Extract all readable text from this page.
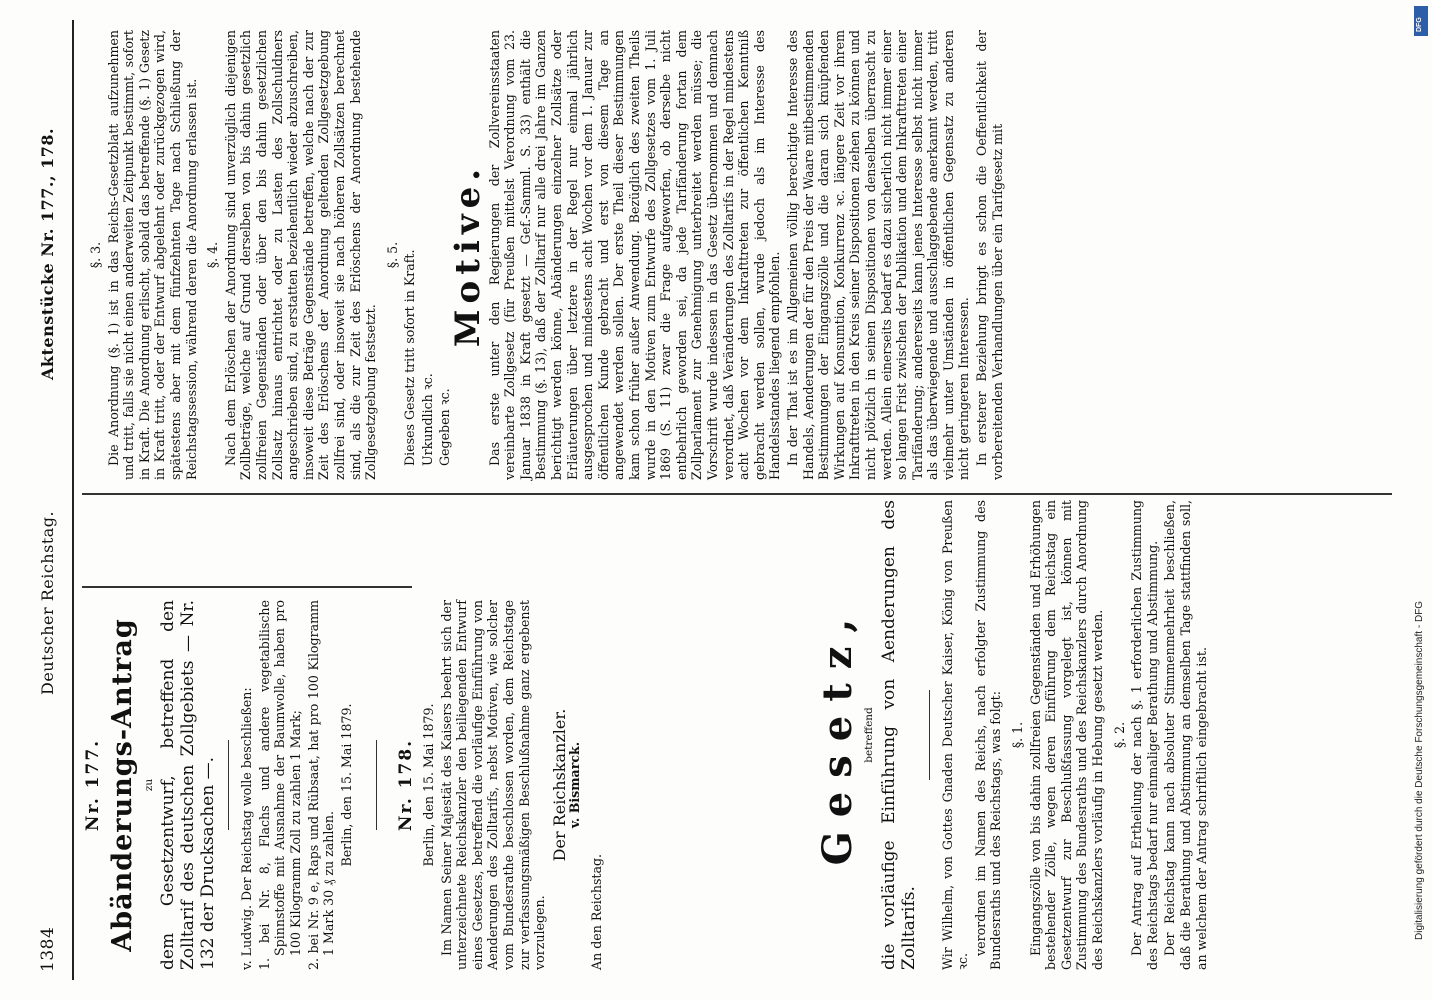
1384
Deutscher Reichstag.
Aktenstücke Nr. 177., 178.
Nr. 177. Abänderungs-Antrag zu dem Gesetzentwurf, betreffend den Zolltarif des deutschen Zollgebiets — Nr. 132 der Drucksachen —. v. Ludwig. Der Reichstag wolle beschließen: 1. bei Nr. 8, Flachs und andere vegetabilische Spinnstoffe mit Ausnahme der Baumwolle, haben pro 100 Kilogramm Zoll zu zahlen 1 Mark; 2. bei Nr. 9 e, Raps und Rübsaat, hat pro 100 Kilogramm 1 Mark 30 ₰ zu zahlen.

Berlin, den 15. Mai 1879.	Nr. 178. Berlin, den 15. Mai 1879. Im Namen Seiner Majestät des Kaisers beehrt sich der unterzeichnete Reichskanzler den beiliegenden Entwurf eines Gesetzes, betreffend die vorläufige Einführung von Aenderungen des Zolltarifs, nebst Motiven, wie solcher vom Bundesrathe beschlossen worden, dem Reichstage zur verfassungsmäßigen Beschlußnahme ganz ergebenst vorzulegen.

Der Reichskanzler.
v. Bismarck.

An den Reichstag.

§. 3. Die Anordnung (§. 1) ist in das Reichs-Gesetzblatt aufzunehmen und tritt, falls sie nicht einen anderweiten Zeitpunkt bestimmt, sofort in Kraft. Die Anordnung erlischt, sobald das betreffende (§. 1) Gesetz in Kraft tritt, oder der Entwurf abgelehnt oder zurückgezogen wird, spätestens aber mit dem fünfzehnten Tage nach Schließung der Reichstagssession, während deren die Anordnung erlassen ist. §. 4. Nach dem Erlöschen der Anordnung sind unverzüglich diejenigen Zollbeträge, welche auf Grund derselben von bis dahin gesetzlich zollfreien Gegenständen oder über den bis dahin gesetzlichen Zollsatz hinaus entrichtet oder zu Lasten des Zollschuldners angeschrieben sind, zu erstatten beziehentlich wieder abzuschreiben, insoweit diese Beträge Gegenstände betreffen, welche nach der zur Zeit des Erlöschens der Anordnung geltenden Zollgesetzgebung zollfrei sind, oder insoweit sie nach höheren Zollsätzen berechnet sind, als die zur Zeit des Erlöschens der Anordnung bestehende Zollgesetzgebung festsetzt.

§. 5. Dieses Gesetz tritt sofort in Kraft. Urkundlich ꝛc. Gegeben ꝛc.

Motive.

Das erste unter den Regierungen der Zollvereinsstaaten vereinbarte Zollgesetz (für Preußen mittelst Verordnung vom 23. Januar 1838 in Kraft gesetzt — Gef.-Samml. S. 33) enthält die Bestimmung (§. 13), daß der Zolltarif nur alle drei Jahre im Ganzen berichtigt werden könne, Abänderungen einzelner Zollsätze oder Erläuterungen über letztere in der Regel nur einmal jährlich ausgesprochen und mindestens acht Wochen vor dem 1. Januar zur öffentlichen Kunde gebracht und erst von diesem Tage an angewendet werden sollen. Der erste Theil dieser Bestimmungen kam schon früher außer Anwendung. Bezüglich des zweiten Theils wurde in den Motiven zum Entwurfe des Zollgesetzes vom 1. Juli 1869 (S. 11) zwar die Frage aufgeworfen, ob derselbe nicht entbehrlich geworden sei, da jede Tarifänderung fortan dem Zollparlament zur Genehmigung unterbreitet werden müsse; die Vorschrift wurde indessen in das Gesetz übernommen und demnach verordnet, daß Veränderungen des Zolltarifs in der Regel mindestens acht Wochen vor dem Inkrafttreten zur öffentlichen Kenntniß gebracht werden sollen, wurde jedoch als im Interesse des Handelsstandes liegend empfohlen. In der That ist es im Allgemeinen völlig berechtigte Interesse des Handels, Aenderungen der für den Preis der Waare mitbestimmenden Bestimmungen der Eingangszölle und die daran sich knüpfenden Wirkungen auf Konsumtion, Konkurrenz ꝛc. längere Zeit vor ihrem Inkrafttreten in den Kreis seiner Dispositionen ziehen zu können und nicht plötzlich in seinen Dispositionen von denselben überrascht zu werden. Allein einerseits bedarf es dazu sicherlich nicht immer einer so langen Frist zwischen der Publikation und dem Inkrafttreten einer Tarifänderung; andererseits kann jenes Interesse selbst nicht immer als das überwiegende und ausschlaggebende anerkannt werden, tritt vielmehr unter Umständen in öffentlichen Gegensatz zu anderen nicht geringeren Interessen. In ersterer Beziehung bringt es schon die Oeffentlichkeit der vorbereitenden Verhandlungen über ein Tarifgesetz mit

Gesetz, betreffend die vorläufige Einführung von Aenderungen des Zolltarifs. Wir Wilhelm, von Gottes Gnaden Deutscher Kaiser, König von Preußen ꝛc.

verordnen im Namen des Reichs, nach erfolgter Zustimmung des Bundesraths und des Reichstags, was folgt: §. 1. Eingangszölle von bis dahin zollfreien Gegenständen und Erhöhungen bestehender Zölle, wegen deren Einführung dem Reichstag ein Gesetzentwurf zur Beschlußfassung vorgelegt ist, können mit Zustimmung des Bundesraths und des Reichskanzlers durch Anordnung des Reichskanzlers vorläufig in Hebung gesetzt werden. §. 2. Der Antrag auf Ertheilung der nach §. 1 erforderlichen Zustimmung des Reichstags bedarf nur einmaliger Berathung und Abstimmung. Der Reichstag kann nach absoluter Stimmenmehrheit beschließen, daß die Berathung und Abstimmung an demselben Tage stattfinden soll, an welchem der Antrag schriftlich eingebracht ist.	Digitalisierung gefördert durch die Deutsche Forschungsgemeinschaft - DFG
DFG
